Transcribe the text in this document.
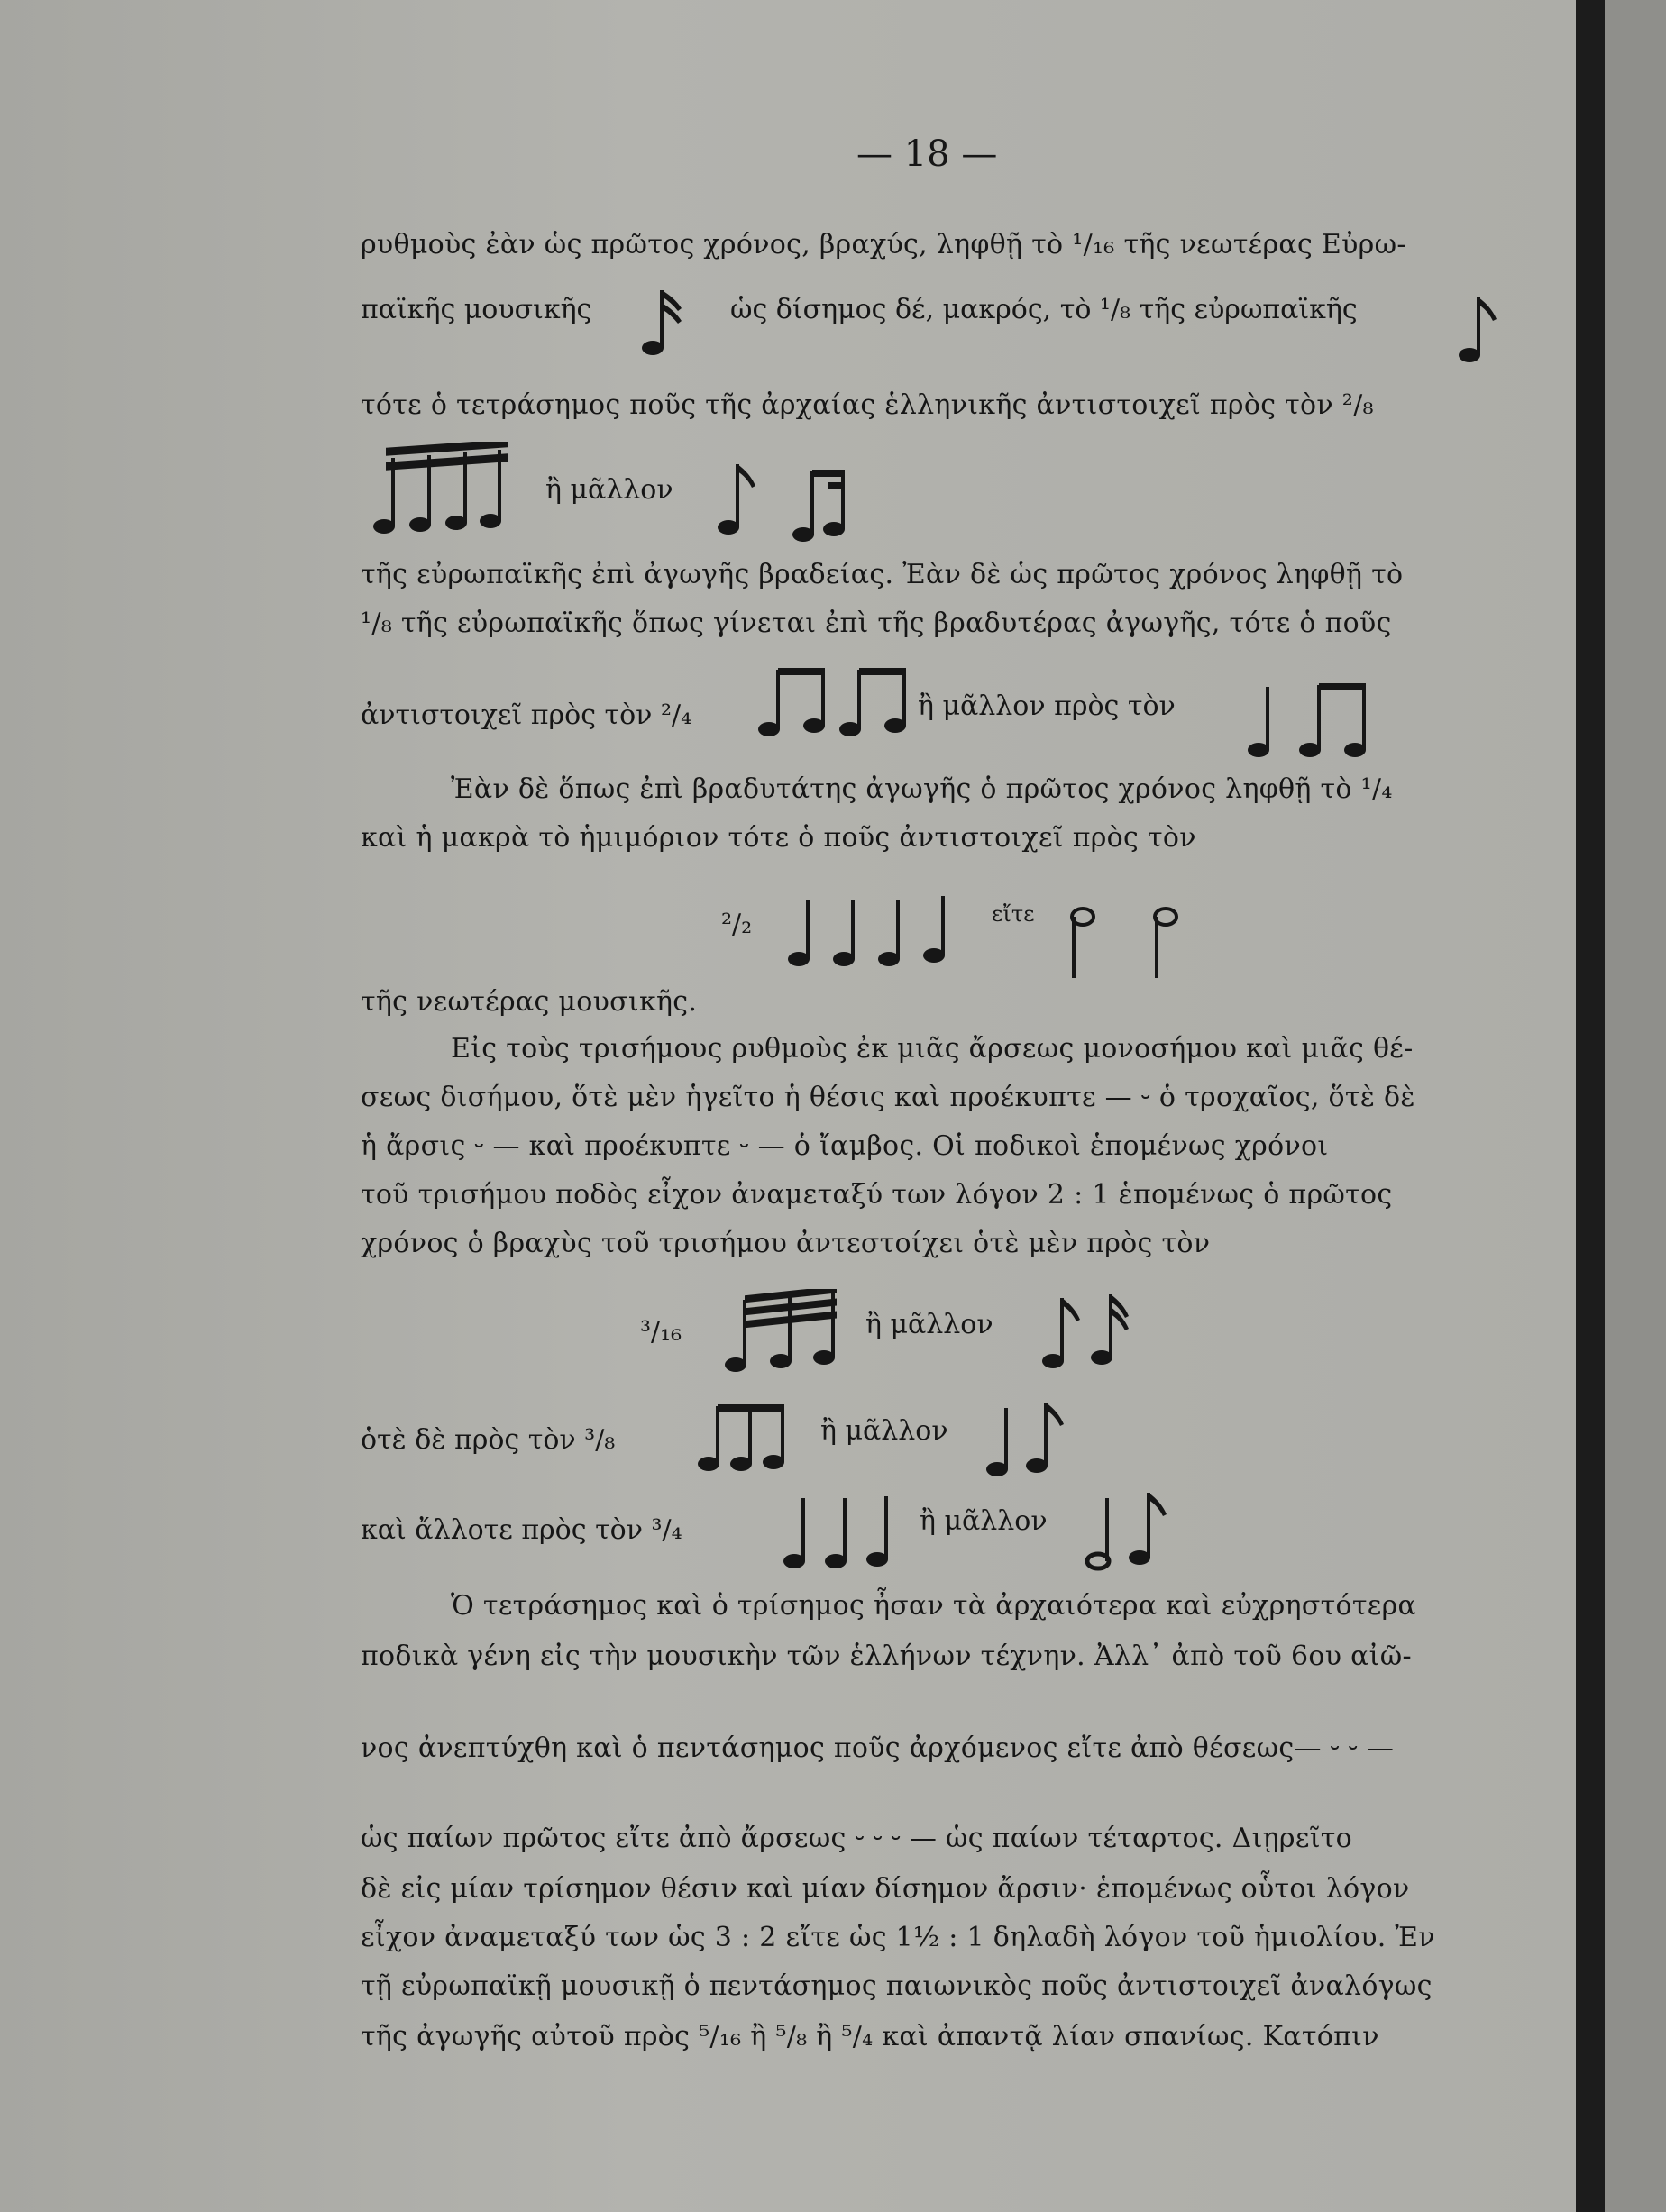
— 18 —
ρυθμοὺς ἐὰν ὡς πρῶτος χρόνος, βραχύς, ληφθῇ τὸ ¹/₁₆ τῆς νεωτέρας Εὐρω-
παϊκῆς μουσικῆς	ὡς δίσημος δέ, μακρός, τὸ ¹/₈ τῆς εὐρωπαϊκῆς
τότε ὁ τετράσημος ποῦς τῆς ἀρχαίας ἑλληνικῆς ἀντιστοιχεῖ πρὸς τὸν ²/₈
ἢ μᾶλλον
τῆς εὐρωπαϊκῆς ἐπὶ ἀγωγῆς βραδείας. Ἐὰν δὲ ὡς πρῶτος χρόνος ληφθῇ τὸ
¹/₈ τῆς εὐρωπαϊκῆς ὅπως γίνεται ἐπὶ τῆς βραδυτέρας ἀγωγῆς, τότε ὁ ποῦς
ἀντιστοιχεῖ πρὸς τὸν ²/₄	ἢ μᾶλλον πρὸς τὸν
Ἐὰν δὲ ὅπως ἐπὶ βραδυτάτης ἀγωγῆς ὁ πρῶτος χρόνος ληφθῇ τὸ ¹/₄
καὶ ἡ μακρὰ τὸ ἡμιμόριον τότε ὁ ποῦς ἀντιστοιχεῖ πρὸς τὸν
²/₂	εἴτε
τῆς νεωτέρας μουσικῆς.
Εἰς τοὺς τρισήμους ρυθμοὺς ἐκ μιᾶς ἄρσεως μονοσήμου καὶ μιᾶς θέ-
σεως δισήμου, ὅτὲ μὲν ἡγεῖτο ἡ θέσις καὶ προέκυπτε — ⏑ ὁ τροχαῖος, ὅτὲ δὲ
ἡ ἄρσις ⏑ — καὶ προέκυπτε ⏑ — ὁ ἴαμβος. Οἱ ποδικοὶ ἑπομένως χρόνοι
τοῦ τρισήμου ποδὸς εἶχον ἀναμεταξύ των λόγον 2 : 1 ἑπομένως ὁ πρῶτος
χρόνος ὁ βραχὺς τοῦ τρισήμου ἀντεστοίχει ὁτὲ μὲν πρὸς τὸν
³/₁₆	ἢ μᾶλλον
ὁτὲ δὲ πρὸς τὸν ³/₈	ἢ μᾶλλον
καὶ ἄλλοτε πρὸς τὸν ³/₄	ἢ μᾶλλον
Ὁ τετράσημος καὶ ὁ τρίσημος ἦσαν τὰ ἀρχαιότερα καὶ εὐχρηστότερα
ποδικὰ γένη εἰς τὴν μουσικὴν τῶν ἑλλήνων τέχνην. Ἀλλ᾽ ἀπὸ τοῦ 6ου αἰῶ-
νος ἀνεπτύχθη καὶ ὁ πεντάσημος ποῦς ἀρχόμενος εἴτε ἀπὸ θέσεως— ⏑ ⏑ —
ὡς παίων πρῶτος εἴτε ἀπὸ ἄρσεως ⏑ ⏑ ⏑ — ὡς παίων τέταρτος. Διῃρεῖτο
δὲ εἰς μίαν τρίσημον θέσιν καὶ μίαν δίσημον ἄρσιν· ἑπομένως οὗτοι λόγον
εἶχον ἀναμεταξύ των ὡς 3 : 2 εἴτε ὡς 1½ : 1 δηλαδὴ λόγον τοῦ ἡμιολίου. Ἐν
τῇ εὐρωπαϊκῇ μουσικῇ ὁ πεντάσημος παιωνικὸς ποῦς ἀντιστοιχεῖ ἀναλόγως
τῆς ἀγωγῆς αὐτοῦ πρὸς ⁵/₁₆ ἢ ⁵/₈ ἢ ⁵/₄ καὶ ἀπαντᾷ λίαν σπανίως. Κατόπιν
